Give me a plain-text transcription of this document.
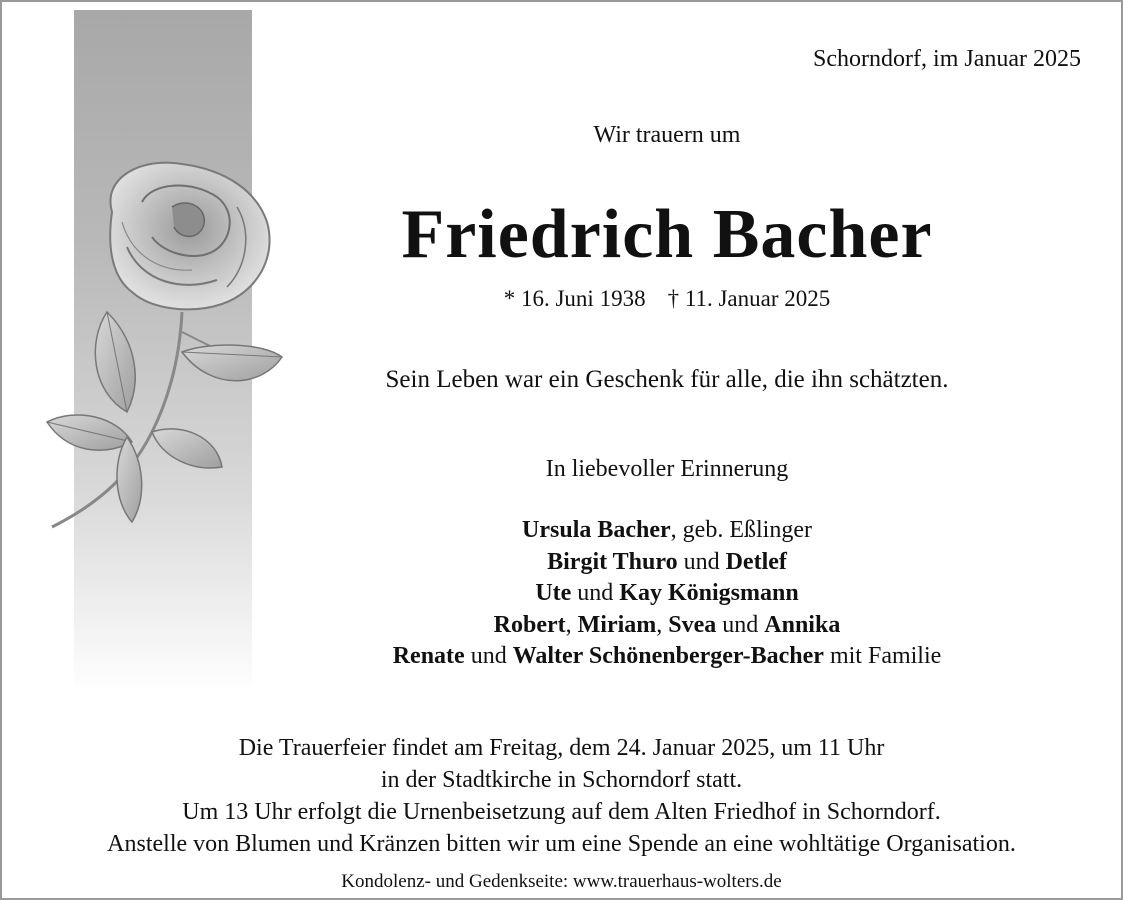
Schorndorf, im Januar 2025
Wir trauern um
Friedrich Bacher
* 16. Juni 1938 † 11. Januar 2025
Sein Leben war ein Geschenk für alle, die ihn schätzten.
In liebevoller Erinnerung
Ursula Bacher, geb. Eßlinger
Birgit Thuro und Detlef
Ute und Kay Königsmann
Robert, Miriam, Svea und Annika
Renate und Walter Schönenberger-Bacher mit Familie
Die Trauerfeier findet am Freitag, dem 24. Januar 2025, um 11 Uhr
in der Stadtkirche in Schorndorf statt.
Um 13 Uhr erfolgt die Urnenbeisetzung auf dem Alten Friedhof in Schorndorf.
Anstelle von Blumen und Kränzen bitten wir um eine Spende an eine wohltätige Organisation.
Kondolenz- und Gedenkseite: www.trauerhaus-wolters.de
